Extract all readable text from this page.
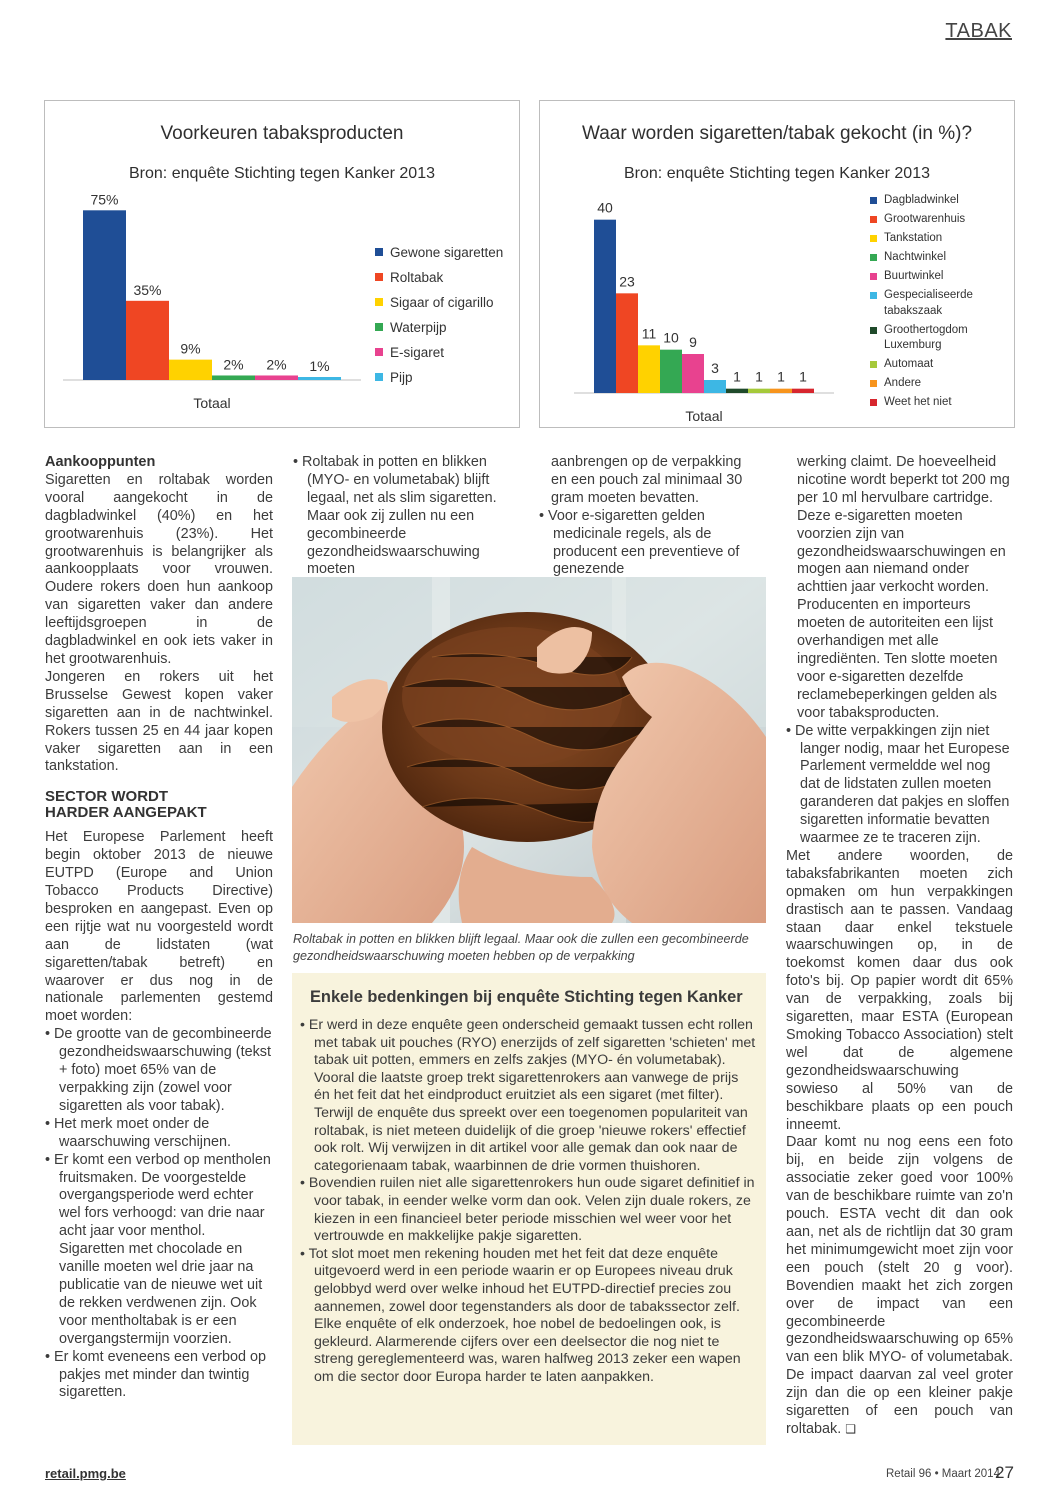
TABAK
Voorkeuren tabaksproducten
Bron: enquête Stichting tegen Kanker 2013
75%
35%
9%
2% 2% 1%
Totaal
Gewone sigaretten
Roltabak
Sigaar of cigarillo
Waterpijp
E-sigaret
Pijp
Waar worden sigaretten/tabak gekocht (in %)?
Bron: enquête Stichting tegen Kanker 2013
40
23
11 10 9
3
1 1 1 1
Totaal
Dagbladwinkel
Grootwarenhuis
Tankstation
Nachtwinkel
Buurtwinkel
Gespecialiseerde tabakszaak
Groothertogdom Luxemburg
Automaat
Andere
Weet het niet

Aankooppunten

Sigaretten en roltabak worden vooral aangekocht in de dagbladwinkel (40%) en het grootwarenhuis (23%). Het grootwarenhuis is belangrijker als aankoopplaats voor vrouwen. Oudere rokers doen hun aankoop van sigaretten vaker dan andere leeftijdsgroepen in de dagbladwinkel en ook iets vaker in het grootwarenhuis.

Jongeren en rokers uit het Brusselse Gewest kopen vaker sigaretten aan in de nachtwinkel. Rokers tussen 25 en 44 jaar kopen vaker sigaretten aan in een tankstation.

SECTOR WORDT
HARDER AANGEPAKT

Het Europese Parlement heeft begin oktober 2013 de nieuwe EUTPD (Europe and Union Tobacco Products Directive) besproken en aangepast. Even op een rijtje wat nu voorgesteld wordt aan de lidstaten (wat sigaretten/tabak betreft) en waarover er dus nog in de nationale parlementen gestemd moet worden:

• De grootte van de gecombineerde gezondheidswaarschuwing (tekst + foto) moet 65% van de verpakking zijn (zowel voor sigaretten als voor tabak).

• Het merk moet onder de waarschuwing verschijnen.

• Er komt een verbod op mentholen fruitsmaken. De voorgestelde overgangsperiode werd echter wel fors verhoogd: van drie naar acht jaar voor menthol. Sigaretten met chocolade en vanille moeten wel drie jaar na publicatie van de nieuwe wet uit de rekken verdwenen zijn. Ook voor mentholtabak is er een overgangstermijn voorzien.

• Er komt eveneens een verbod op pakjes met minder dan twintig sigaretten.

• Roltabak in potten en blikken (MYO- en volumetabak) blijft legaal, net als slim sigaretten. Maar ook zij zullen nu een gecombineerde gezondheidswaarschuwing moeten

aanbrengen op de verpakking en een pouch zal minimaal 30 gram moeten bevatten.

• Voor e-sigaretten gelden medicinale regels, als de producent een preventieve of genezende

werking claimt. De hoeveelheid nicotine wordt beperkt tot 200 mg per 10 ml hervulbare cartridge. Deze e-sigaretten moeten voorzien zijn van gezondheidswaarschuwingen en mogen aan niemand onder achttien jaar verkocht worden. Producenten en importeurs moeten de autoriteiten een lijst overhandigen met alle ingrediënten. Ten slotte moeten voor e-sigaretten dezelfde reclamebeperkingen gelden als voor tabaksproducten.

• De witte verpakkingen zijn niet langer nodig, maar het Europese Parlement vermeldde wel nog dat de lidstaten zullen moeten garanderen dat pakjes en sloffen sigaretten informatie bevatten waarmee ze te traceren zijn.

Met andere woorden, de tabaksfabrikanten moeten zich opmaken om hun verpakkingen drastisch aan te passen. Vandaag staan daar enkel tekstuele waarschuwingen op, in de toekomst komen daar dus ook foto's bij. Op papier wordt dit 65% van de verpakking, zoals bij sigaretten, maar ESTA (European Smoking Tobacco Association) stelt wel dat de algemene gezondheidswaarschuwing sowieso al 50% van de beschikbare plaats op een pouch inneemt.

Daar komt nu nog eens een foto bij, en beide zijn volgens de associatie zeker goed voor 100% van de beschikbare ruimte van zo'n pouch. ESTA vecht dit dan ook aan, net als de richtlijn dat 30 gram het minimumgewicht moet zijn voor een pouch (stelt 20 g voor). Bovendien maakt het zich zorgen over de impact van een gecombineerde gezondheidswaarschuwing op 65% van een blik MYO- of volumetabak. De impact daarvan zal veel groter zijn dan die op een kleiner pakje sigaretten of een pouch van roltabak. ❑

Roltabak in potten en blikken blijft legaal. Maar ook die zullen een gecombineerde gezondheidswaarschuwing moeten hebben op de verpakking
Enkele bedenkingen bij enquête Stichting tegen Kanker

• Er werd in deze enquête geen onderscheid gemaakt tussen echt rollen met tabak uit pouches (RYO) enerzijds of zelf sigaretten 'schieten' met tabak uit potten, emmers en zelfs zakjes (MYO- én volumetabak). Vooral die laatste groep trekt sigarettenrokers aan vanwege de prijs én het feit dat het eindproduct eruitziet als een sigaret (met filter). Terwijl de enquête dus spreekt over een toegenomen populariteit van roltabak, is niet meteen duidelijk of die groep 'nieuwe rokers' effectief ook rolt. Wij verwijzen in dit artikel voor alle gemak dan ook naar de categorienaam tabak, waarbinnen de drie vormen thuishoren.

• Bovendien ruilen niet alle sigarettenrokers hun oude sigaret definitief in voor tabak, in eender welke vorm dan ook. Velen zijn duale rokers, ze kiezen in een financieel beter periode misschien wel weer voor het vertrouwde en makkelijke pakje sigaretten.

• Tot slot moet men rekening houden met het feit dat deze enquête uitgevoerd werd in een periode waarin er op Europees niveau druk gelobbyd werd over welke inhoud het EUTPD-directief precies zou aannemen, zowel door tegenstanders als door de tabakssector zelf. Elke enquête of elk onderzoek, hoe nobel de bedoelingen ook, is gekleurd. Alarmerende cijfers over een deelsector die nog niet te streng gereglementeerd was, waren halfweg 2013 zeker een wapen om die sector door Europa harder te laten aanpakken.

retail.pmg.be	Retail 96 • Maart 2014
27
